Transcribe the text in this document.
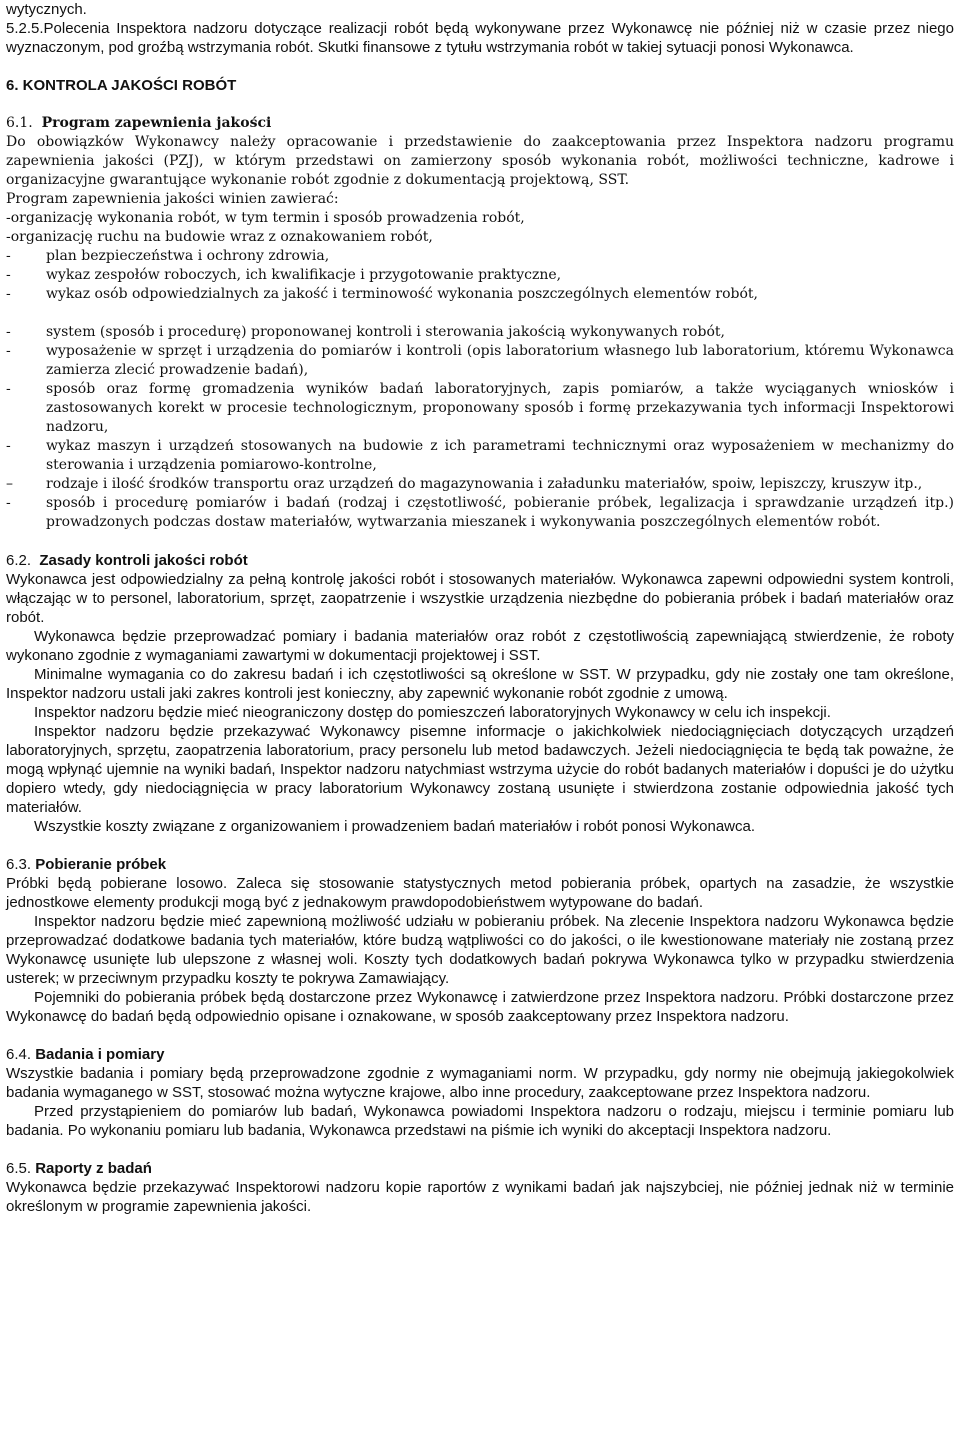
wytycznych.

5.2.5.Polecenia Inspektora nadzoru dotyczące realizacji robót będą wykonywane przez Wykonawcę nie później niż w czasie przez niego wyznaczonym, pod groźbą wstrzymania robót. Skutki finansowe z tytułu wstrzymania robót w takiej sytuacji ponosi Wykonawca.

6. KONTROLA JAKOŚCI ROBÓT

6.1. Program zapewnienia jakości

Do obowiązków Wykonawcy należy opracowanie i przedstawienie do zaakceptowania przez Inspektora nadzoru programu zapewnienia jakości (PZJ), w którym przedstawi on zamierzony sposób wykonania robót, możliwości techniczne, kadrowe i organizacyjne gwarantujące wykonanie robót zgodnie z dokumentacją projektową, SST.

Program zapewnienia jakości winien zawierać:

-organizację wykonania robót, w tym termin i sposób prowadzenia robót,

-organizację ruchu na budowie wraz z oznakowaniem robót,

-	plan bezpieczeństwa i ochrony zdrowia,
-	wykaz zespołów roboczych, ich kwalifikacje i przygotowanie praktyczne,
-	wykaz osób odpowiedzialnych za jakość i terminowość wykonania poszczególnych elementów robót,
-	system (sposób i procedurę) proponowanej kontroli i sterowania jakością wykonywanych robót,
-	wyposażenie w sprzęt i urządzenia do pomiarów i kontroli (opis laboratorium własnego lub laboratorium, któremu Wykonawca zamierza zlecić prowadzenie badań),
-	sposób oraz formę gromadzenia wyników badań laboratoryjnych, zapis pomiarów, a także wyciąganych wniosków i zastosowanych korekt w procesie technologicznym, proponowany sposób i formę przekazywania tych informacji Inspektorowi nadzoru,
-	wykaz maszyn i urządzeń stosowanych na budowie z ich parametrami technicznymi oraz wyposażeniem w mechanizmy do sterowania i urządzenia pomiarowo-kontrolne,
–	rodzaje i ilość środków transportu oraz urządzeń do magazynowania i załadunku materiałów, spoiw, lepiszczy, kruszyw itp.,
-	sposób i procedurę pomiarów i badań (rodzaj i częstotliwość, pobieranie próbek, legalizacja i sprawdzanie urządzeń itp.) prowadzonych podczas dostaw materiałów, wytwarzania mieszanek i wykonywania poszczególnych elementów robót.

6.2. Zasady kontroli jakości robót

Wykonawca jest odpowiedzialny za pełną kontrolę jakości robót i stosowanych materiałów. Wykonawca zapewni odpowiedni system kontroli, włączając w to personel, laboratorium, sprzęt, zaopatrzenie i wszystkie urządzenia niezbędne do pobierania próbek i badań materiałów oraz robót.

Wykonawca będzie przeprowadzać pomiary i badania materiałów oraz robót z częstotliwością zapewniającą stwierdzenie, że roboty wykonano zgodnie z wymaganiami zawartymi w dokumentacji projektowej i SST.

Minimalne wymagania co do zakresu badań i ich częstotliwości są określone w SST. W przypadku, gdy nie zostały one tam określone, Inspektor nadzoru ustali jaki zakres kontroli jest konieczny, aby zapewnić wykonanie robót zgodnie z umową.

Inspektor nadzoru będzie mieć nieograniczony dostęp do pomieszczeń laboratoryjnych Wykonawcy w celu ich inspekcji.

Inspektor nadzoru będzie przekazywać Wykonawcy pisemne informacje o jakichkolwiek niedociągnięciach dotyczących urządzeń laboratoryjnych, sprzętu, zaopatrzenia laboratorium, pracy personelu lub metod badawczych. Jeżeli niedociągnięcia te będą tak poważne, że mogą wpłynąć ujemnie na wyniki badań, Inspektor nadzoru natychmiast wstrzyma użycie do robót badanych materiałów i dopuści je do użytku dopiero wtedy, gdy niedociągnięcia w pracy laboratorium Wykonawcy zostaną usunięte i stwierdzona zostanie odpowiednia jakość tych materiałów.

Wszystkie koszty związane z organizowaniem i prowadzeniem badań materiałów i robót ponosi Wykonawca.

6.3. Pobieranie próbek

Próbki będą pobierane losowo. Zaleca się stosowanie statystycznych metod pobierania próbek, opartych na zasadzie, że wszystkie jednostkowe elementy produkcji mogą być z jednakowym prawdopodobieństwem wytypowane do badań.

Inspektor nadzoru będzie mieć zapewnioną możliwość udziału w pobieraniu próbek. Na zlecenie Inspektora nadzoru Wykonawca będzie przeprowadzać dodatkowe badania tych materiałów, które budzą wątpliwości co do jakości, o ile kwestionowane materiały nie zostaną przez Wykonawcę usunięte lub ulepszone z własnej woli. Koszty tych dodatkowych badań pokrywa Wykonawca tylko w przypadku stwierdzenia usterek; w przeciwnym przypadku koszty te pokrywa Zamawiający.

Pojemniki do pobierania próbek będą dostarczone przez Wykonawcę i zatwierdzone przez Inspektora nadzoru. Próbki dostarczone przez Wykonawcę do badań będą odpowiednio opisane i oznakowane, w sposób zaakceptowany przez Inspektora nadzoru.

6.4. Badania i pomiary

Wszystkie badania i pomiary będą przeprowadzone zgodnie z wymaganiami norm. W przypadku, gdy normy nie obejmują jakiegokolwiek badania wymaganego w SST, stosować można wytyczne krajowe, albo inne procedury, zaakceptowane przez Inspektora nadzoru.

Przed przystąpieniem do pomiarów lub badań, Wykonawca powiadomi Inspektora nadzoru o rodzaju, miejscu i terminie pomiaru lub badania. Po wykonaniu pomiaru lub badania, Wykonawca przedstawi na piśmie ich wyniki do akceptacji Inspektora nadzoru.

6.5. Raporty z badań

Wykonawca będzie przekazywać Inspektorowi nadzoru kopie raportów z wynikami badań jak najszybciej, nie później jednak niż w terminie określonym w programie zapewnienia jakości.
